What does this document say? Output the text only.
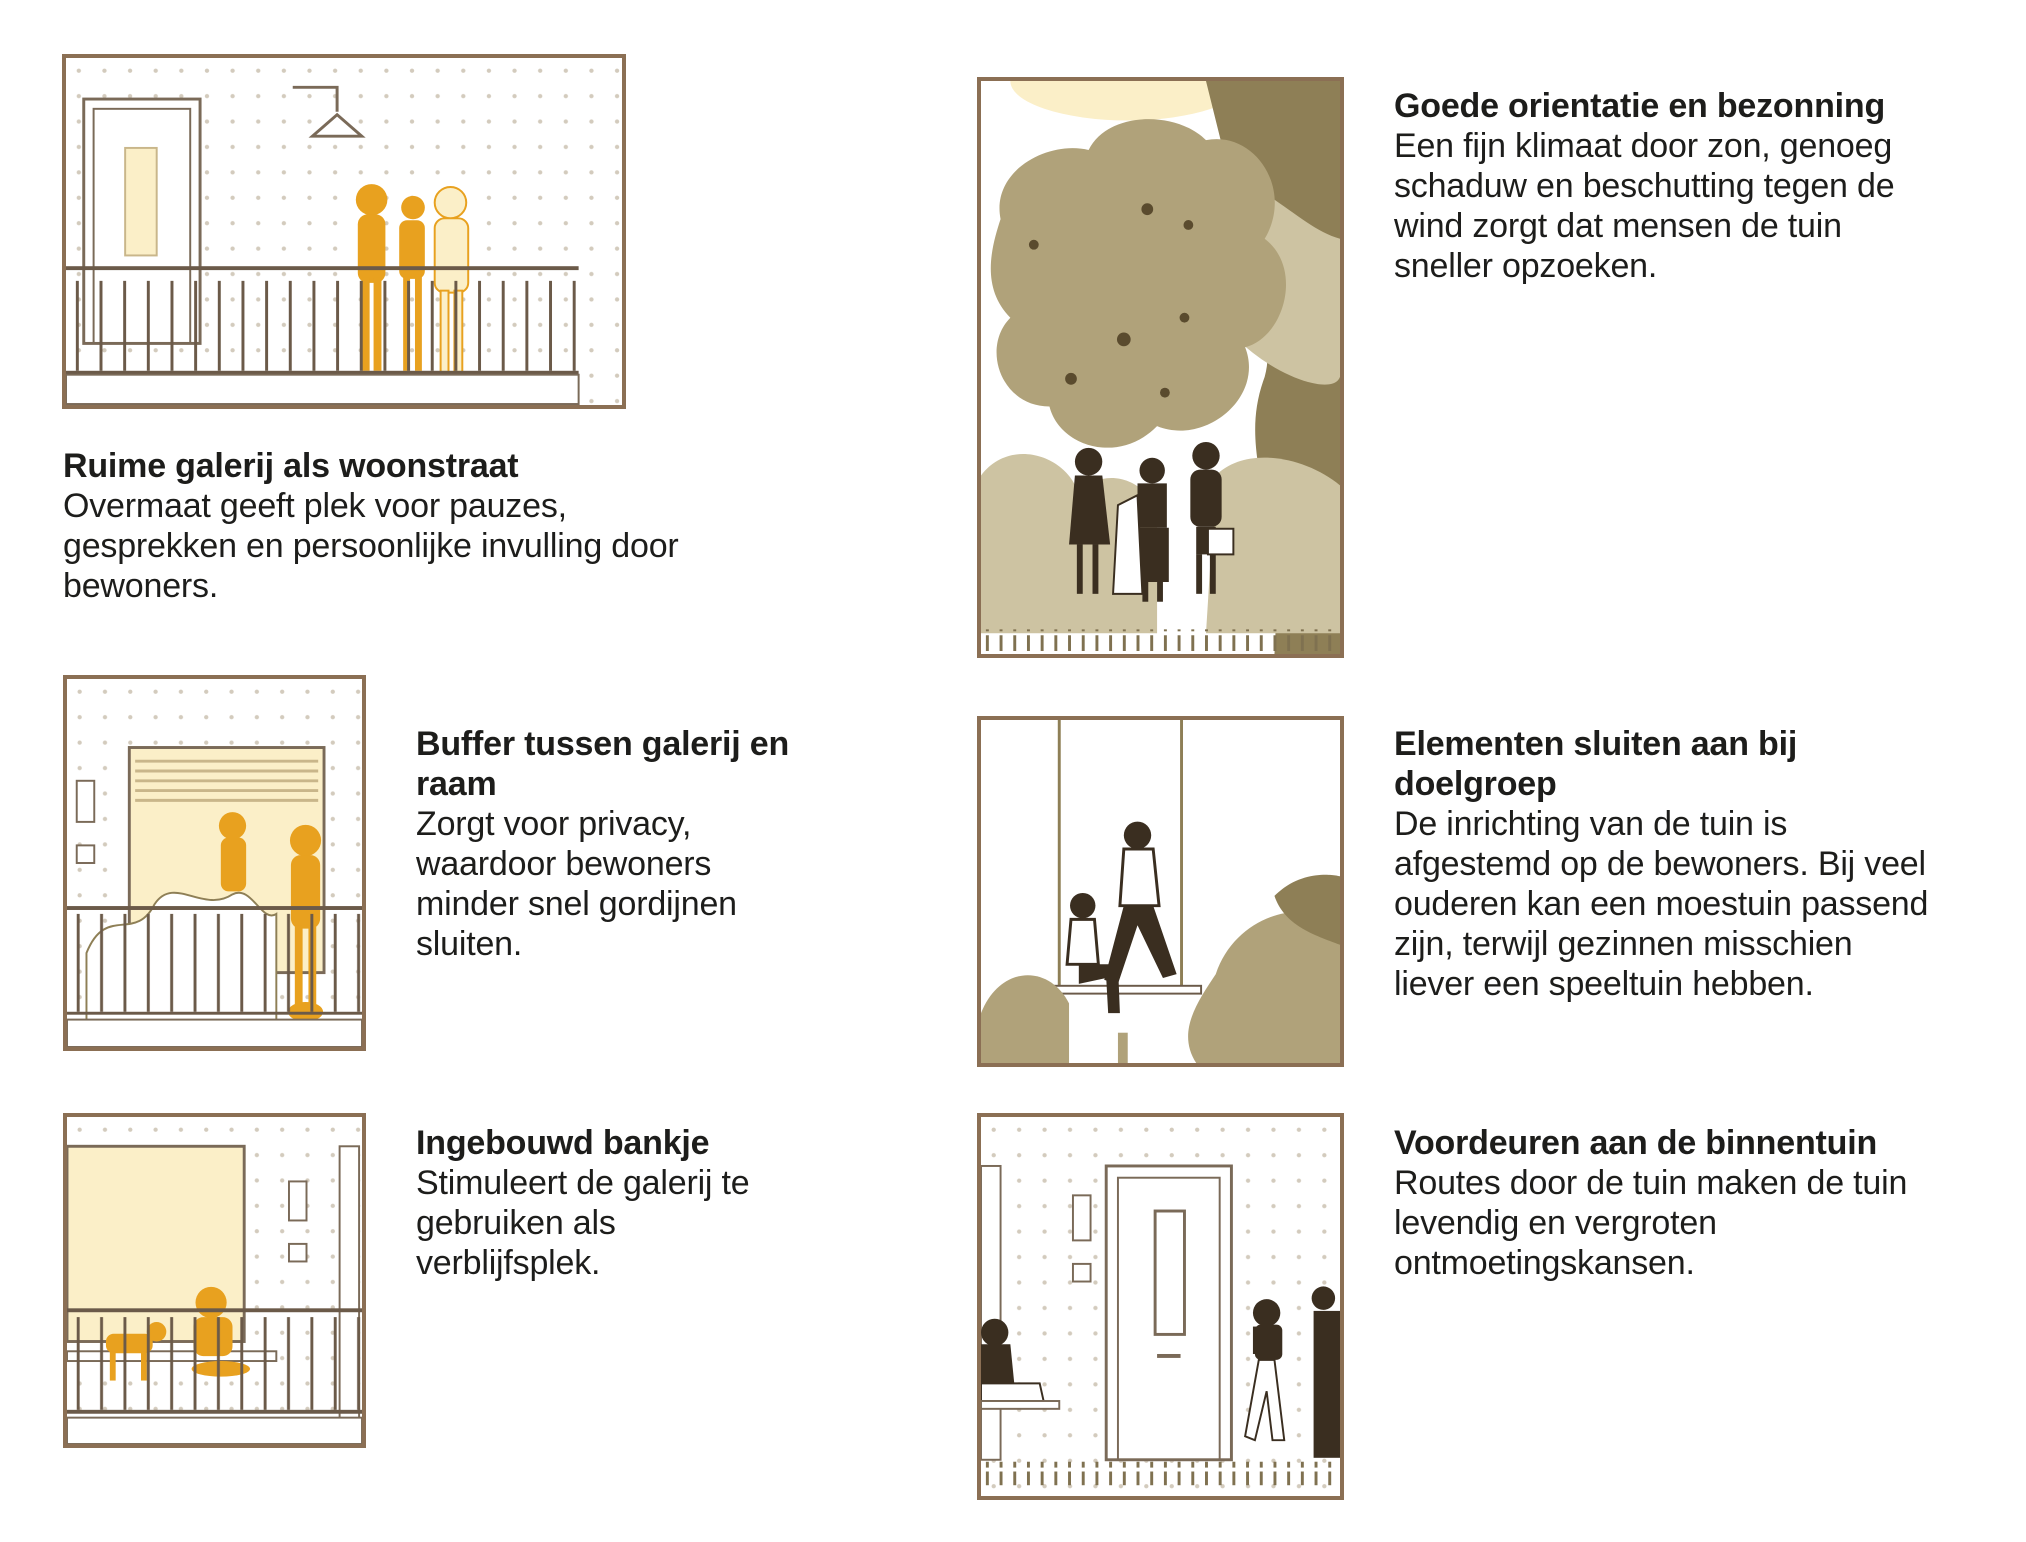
Ruime galerij als woonstraat
Overmaat geeft plek voor pauzes, gesprekken en persoonlijke invulling door bewoners.
Buffer tussen galerij en raam
Zorgt voor privacy, waardoor bewoners minder snel gordijnen sluiten.
Ingebouwd bankje
Stimuleert de galerij te gebruiken als verblijfsplek.
Goede orientatie en bezonning
Een fijn klimaat door zon, genoeg schaduw en beschutting tegen de wind zorgt dat mensen de tuin sneller opzoeken.
Elementen sluiten aan bij doelgroep
De inrichting van de tuin is afgestemd op de bewoners. Bij veel ouderen kan een moestuin passend zijn, terwijl gezinnen misschien liever een speeltuin hebben.
Voordeuren aan de binnentuin
Routes door de tuin maken de tuin levendig en vergroten ontmoetingskansen.
